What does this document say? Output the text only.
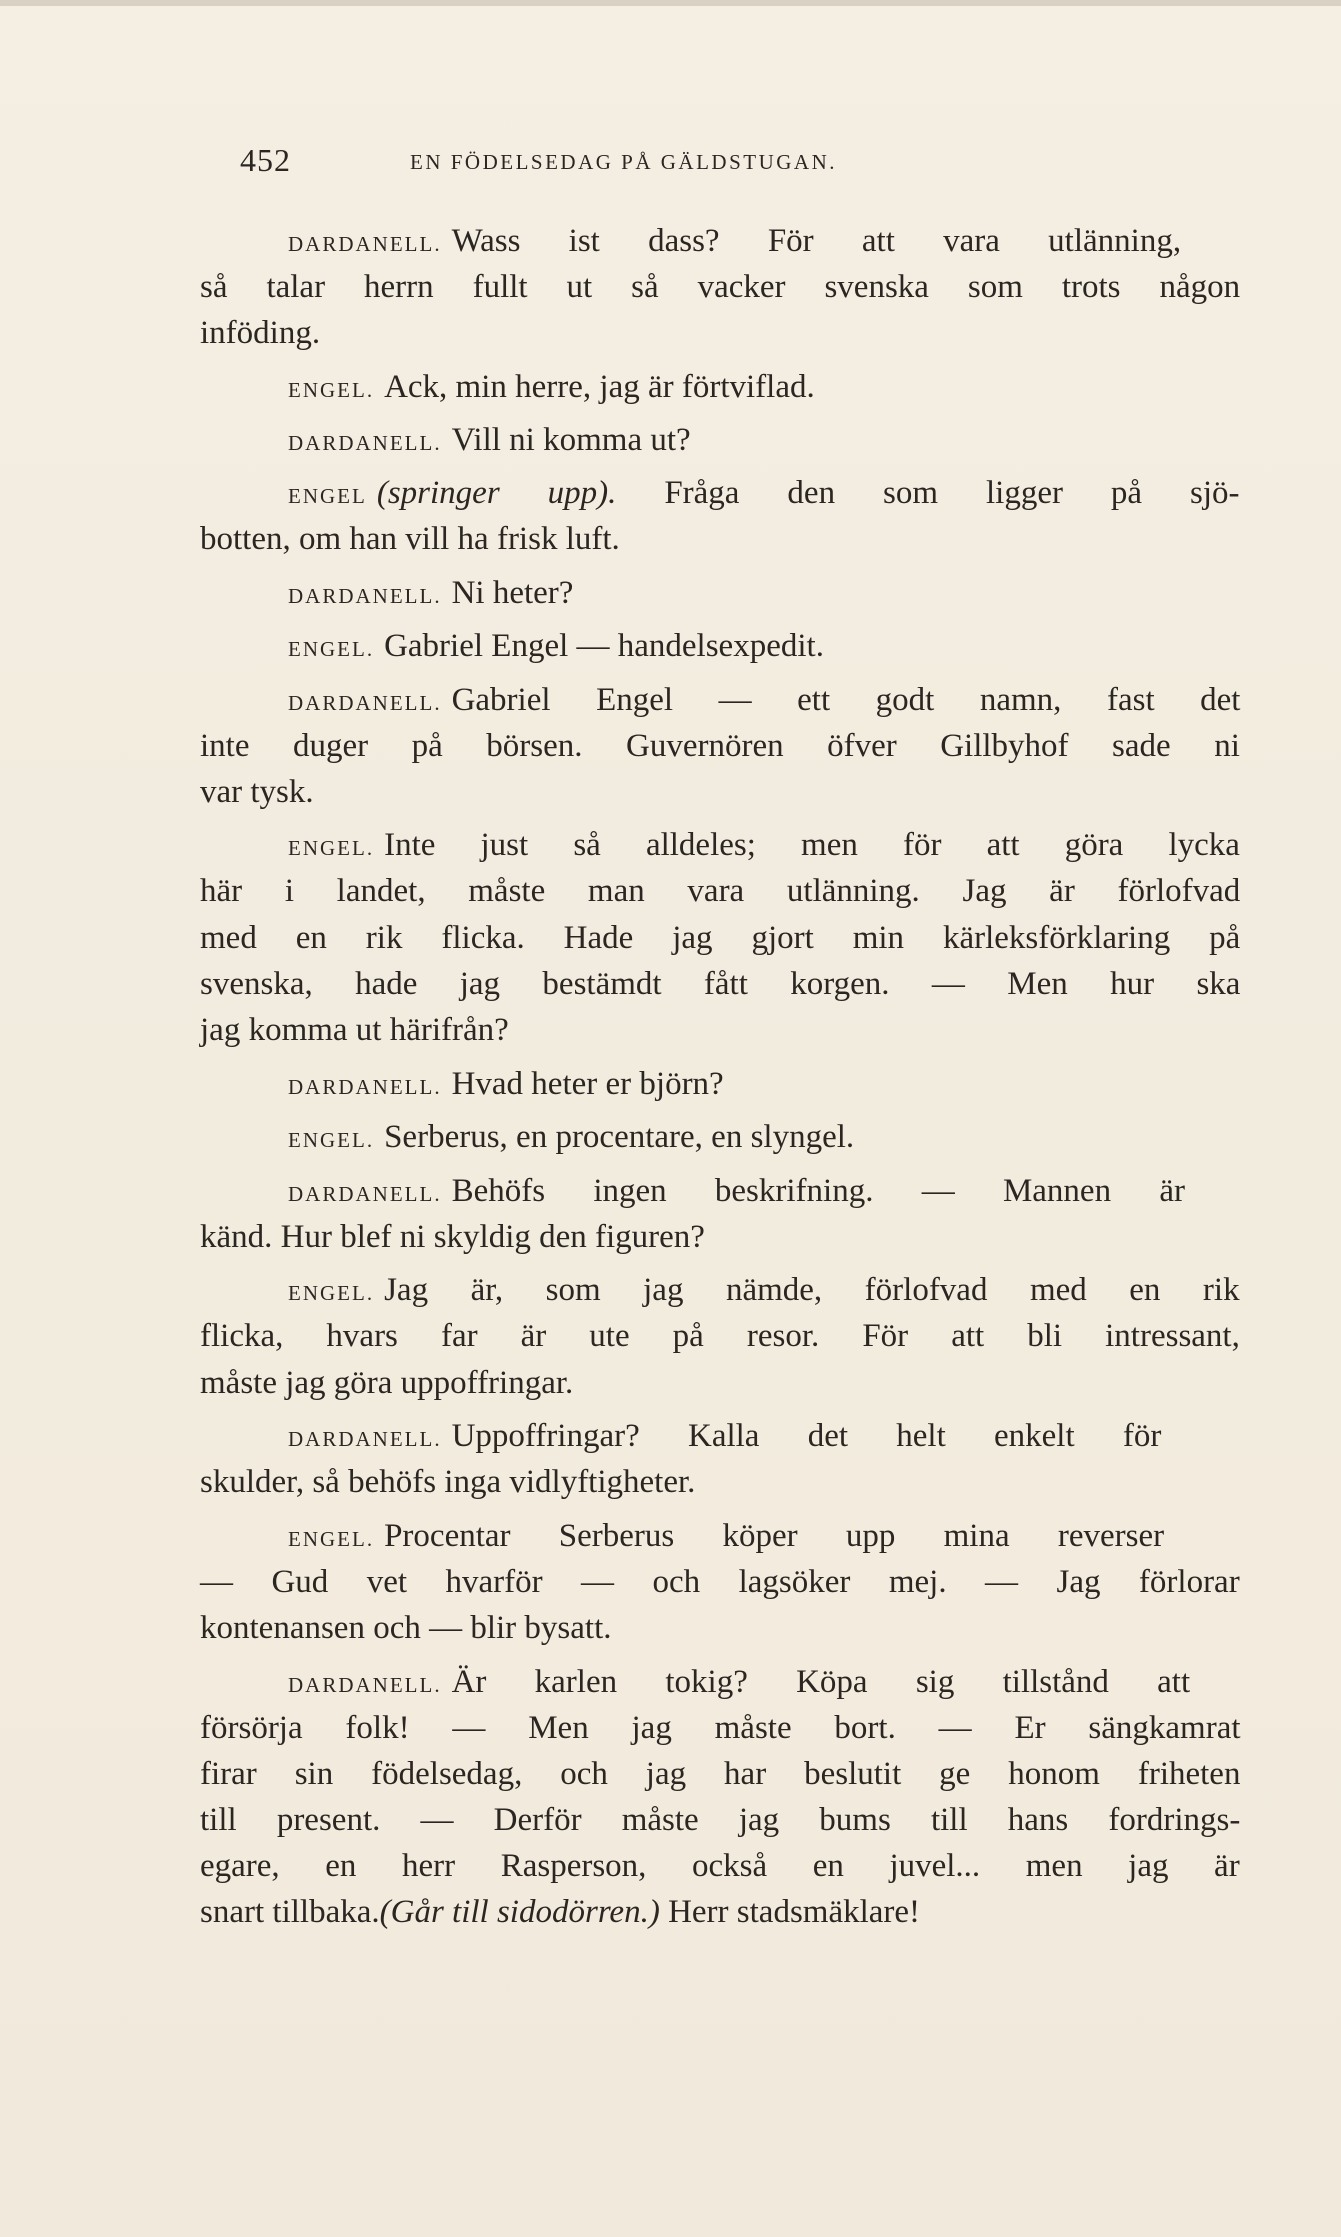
452	EN FÖDELSEDAG PÅ GÄLDSTUGAN.
DARDANELL. Wass ist dass? För att vara utlänning,
så talar herrn fullt ut så vacker svenska som trots någon
inföding.
ENGEL. Ack, min herre, jag är förtviflad.
DARDANELL. Vill ni komma ut?
ENGEL (springer upp). Fråga den som ligger på sjö-
botten, om han vill ha frisk luft.
DARDANELL. Ni heter?
ENGEL. Gabriel Engel — handelsexpedit.
DARDANELL. Gabriel Engel — ett godt namn, fast det
inte duger på börsen. Guvernören öfver Gillbyhof sade ni
var tysk.
ENGEL. Inte just så alldeles; men för att göra lycka
här i landet, måste man vara utlänning. Jag är förlofvad
med en rik flicka. Hade jag gjort min kärleksförklaring på
svenska, hade jag bestämdt fått korgen. — Men hur ska
jag komma ut härifrån?
DARDANELL. Hvad heter er björn?
ENGEL. Serberus, en procentare, en slyngel.
DARDANELL. Behöfs ingen beskrifning. — Mannen är
känd. Hur blef ni skyldig den figuren?
ENGEL. Jag är, som jag nämde, förlofvad med en rik
flicka, hvars far är ute på resor. För att bli intressant,
måste jag göra uppoffringar.
DARDANELL. Uppoffringar? Kalla det helt enkelt för
skulder, så behöfs inga vidlyftigheter.
ENGEL. Procentar Serberus köper upp mina reverser
— Gud vet hvarför — och lagsöker mej. — Jag förlorar
kontenansen och — blir bysatt.
DARDANELL. Är karlen tokig? Köpa sig tillstånd att
försörja folk! — Men jag måste bort. — Er sängkamrat
firar sin födelsedag, och jag har beslutit ge honom friheten
till present. — Derför måste jag bums till hans fordrings-
egare, en herr Rasperson, också en juvel... men jag är
snart tillbaka.(Går till sidodörren.) Herr stadsmäklare!
